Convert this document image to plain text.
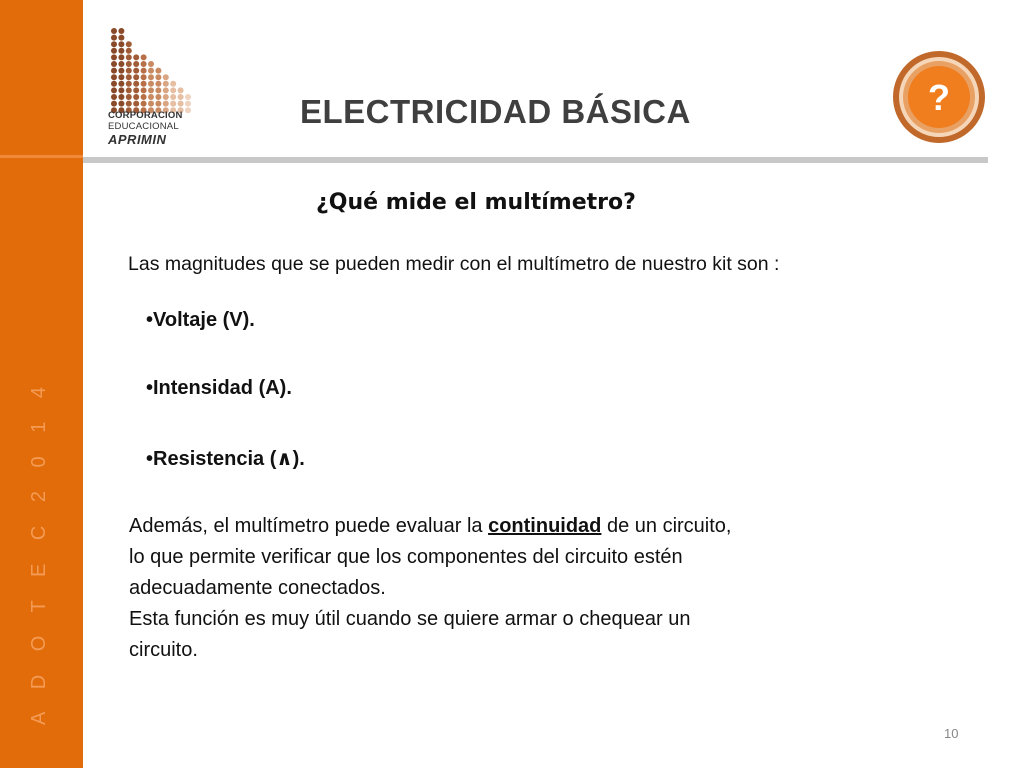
A D O T E C 2 0 1 4
CORPORACION
EDUCACIONAL
APRIMIN
ELECTRICIDAD BÁSICA	?
¿Qué mide el multímetro?
Las magnitudes que se pueden medir con el multímetro de nuestro kit son :
•Voltaje (V).
•Intensidad (A).
•Resistencia (∧).
Además, el multímetro puede evaluar la continuidad de un circuito,
lo que permite verificar que los componentes del circuito estén
adecuadamente conectados.
Esta función es muy útil cuando se quiere armar o chequear un
circuito.
10
